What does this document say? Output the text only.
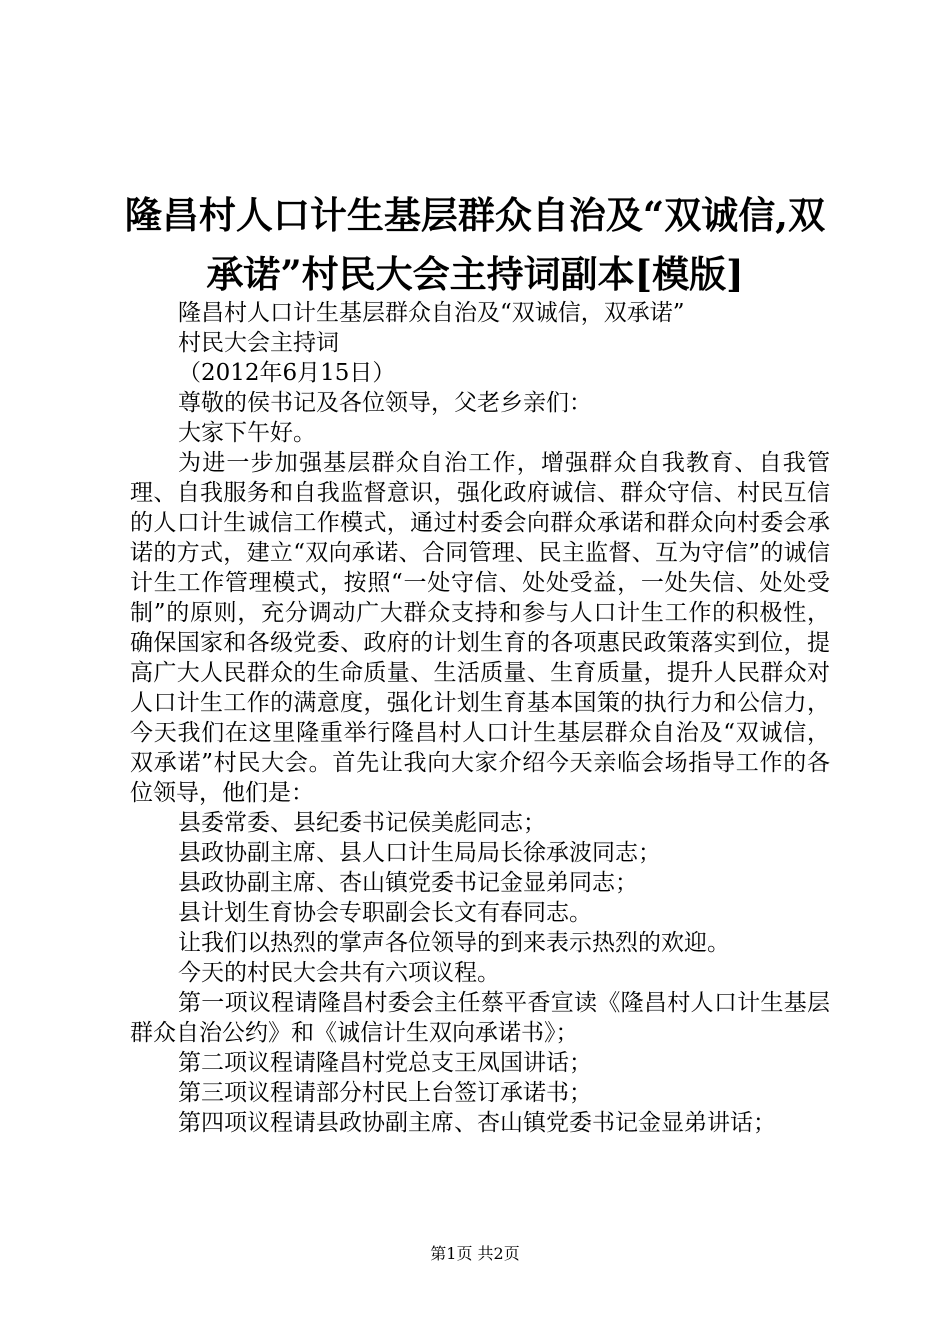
隆昌村人口计生基层群众自治及“双诚信,双承诺”村民大会主持词副本[模版]

隆昌村人口计生基层群众自治及“双诚信，双承诺”

村民大会主持词

（2012年6月15日）

尊敬的侯书记及各位领导，父老乡亲们：

大家下午好。

为进一步加强基层群众自治工作，增强群众自我教育、自我管理、自我服务和自我监督意识，强化政府诚信、群众守信、村民互信的人口计生诚信工作模式，通过村委会向群众承诺和群众向村委会承诺的方式，建立“双向承诺、合同管理、民主监督、互为守信”的诚信计生工作管理模式，按照“一处守信、处处受益，一处失信、处处受制”的原则，充分调动广大群众支持和参与人口计生工作的积极性，确保国家和各级党委、政府的计划生育的各项惠民政策落实到位，提高广大人民群众的生命质量、生活质量、生育质量，提升人民群众对人口计生工作的满意度，强化计划生育基本国策的执行力和公信力，今天我们在这里隆重举行隆昌村人口计生基层群众自治及“双诚信，双承诺”村民大会。首先让我向大家介绍今天亲临会场指导工作的各位领导，他们是：

县委常委、县纪委书记侯美彪同志；

县政协副主席、县人口计生局局长徐承波同志；

县政协副主席、杏山镇党委书记金显弟同志；

县计划生育协会专职副会长文有春同志。

让我们以热烈的掌声各位领导的到来表示热烈的欢迎。

今天的村民大会共有六项议程。

第一项议程请隆昌村委会主任蔡平香宣读《隆昌村人口计生基层群众自治公约》和《诚信计生双向承诺书》；

第二项议程请隆昌村党总支王凤国讲话；

第三项议程请部分村民上台签订承诺书；

第四项议程请县政协副主席、杏山镇党委书记金显弟讲话；

第1页 共2页
